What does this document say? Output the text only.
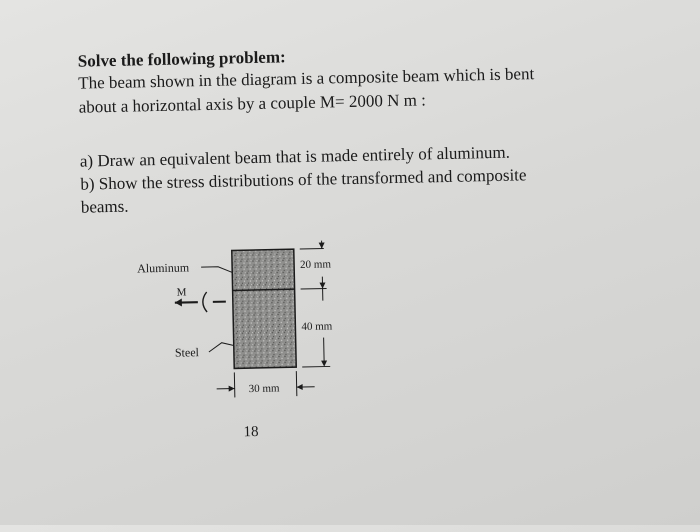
Solve the following problem:

The beam shown in the diagram is a composite beam which is bent

about a horizontal axis by a couple M= 2000 N m :

a) Draw an equivalent beam that is made entirely of aluminum.

b) Show the stress distributions of the transformed and composite

beams.

Aluminum
M
Steel
20 mm
40 mm
30 mm
18
